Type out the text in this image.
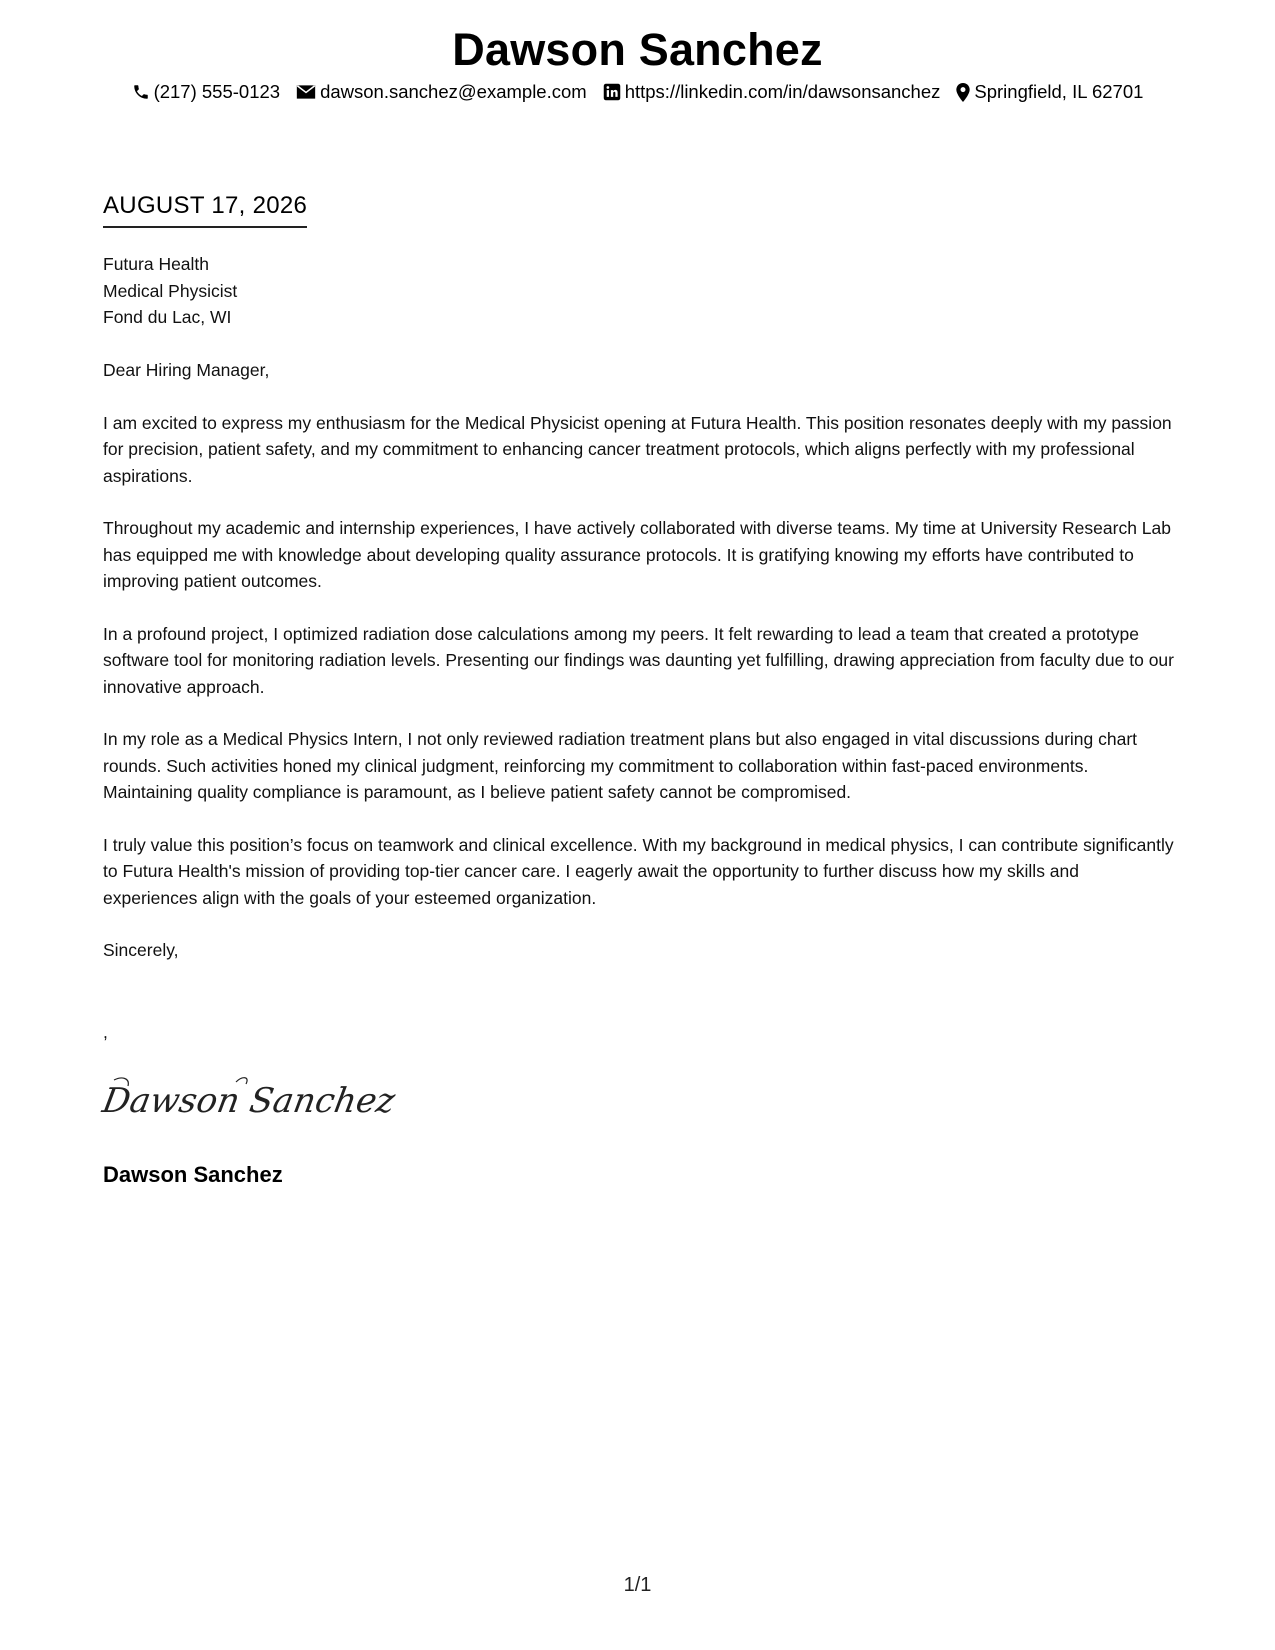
Dawson Sanchez
(217) 555-0123 dawson.sanchez@example.com https://linkedin.com/in/dawsonsanchez Springfield, IL 62701
AUGUST 17, 2026
Futura Health
Medical Physicist
Fond du Lac, WI

Dear Hiring Manager,

I am excited to express my enthusiasm for the Medical Physicist opening at Futura Health. This position resonates deeply with my passion for precision, patient safety, and my commitment to enhancing cancer treatment protocols, which aligns perfectly with my professional aspirations.

Throughout my academic and internship experiences, I have actively collaborated with diverse teams. My time at University Research Lab has equipped me with knowledge about developing quality assurance protocols. It is gratifying knowing my efforts have contributed to improving patient outcomes.

In a profound project, I optimized radiation dose calculations among my peers. It felt rewarding to lead a team that created a prototype software tool for monitoring radiation levels. Presenting our findings was daunting yet fulfilling, drawing appreciation from faculty due to our innovative approach.

In my role as a Medical Physics Intern, I not only reviewed radiation treatment plans but also engaged in vital discussions during chart rounds. Such activities honed my clinical judgment, reinforcing my commitment to collaboration within fast-paced environments. Maintaining quality compliance is paramount, as I believe patient safety cannot be compromised.

I truly value this position’s focus on teamwork and clinical excellence. With my background in medical physics, I can contribute significantly to Futura Health's mission of providing top-tier cancer care. I eagerly await the opportunity to further discuss how my skills and experiences align with the goals of your esteemed organization.

Sincerely,

,
Dawson Sanchez
Dawson Sanchez
1/1
